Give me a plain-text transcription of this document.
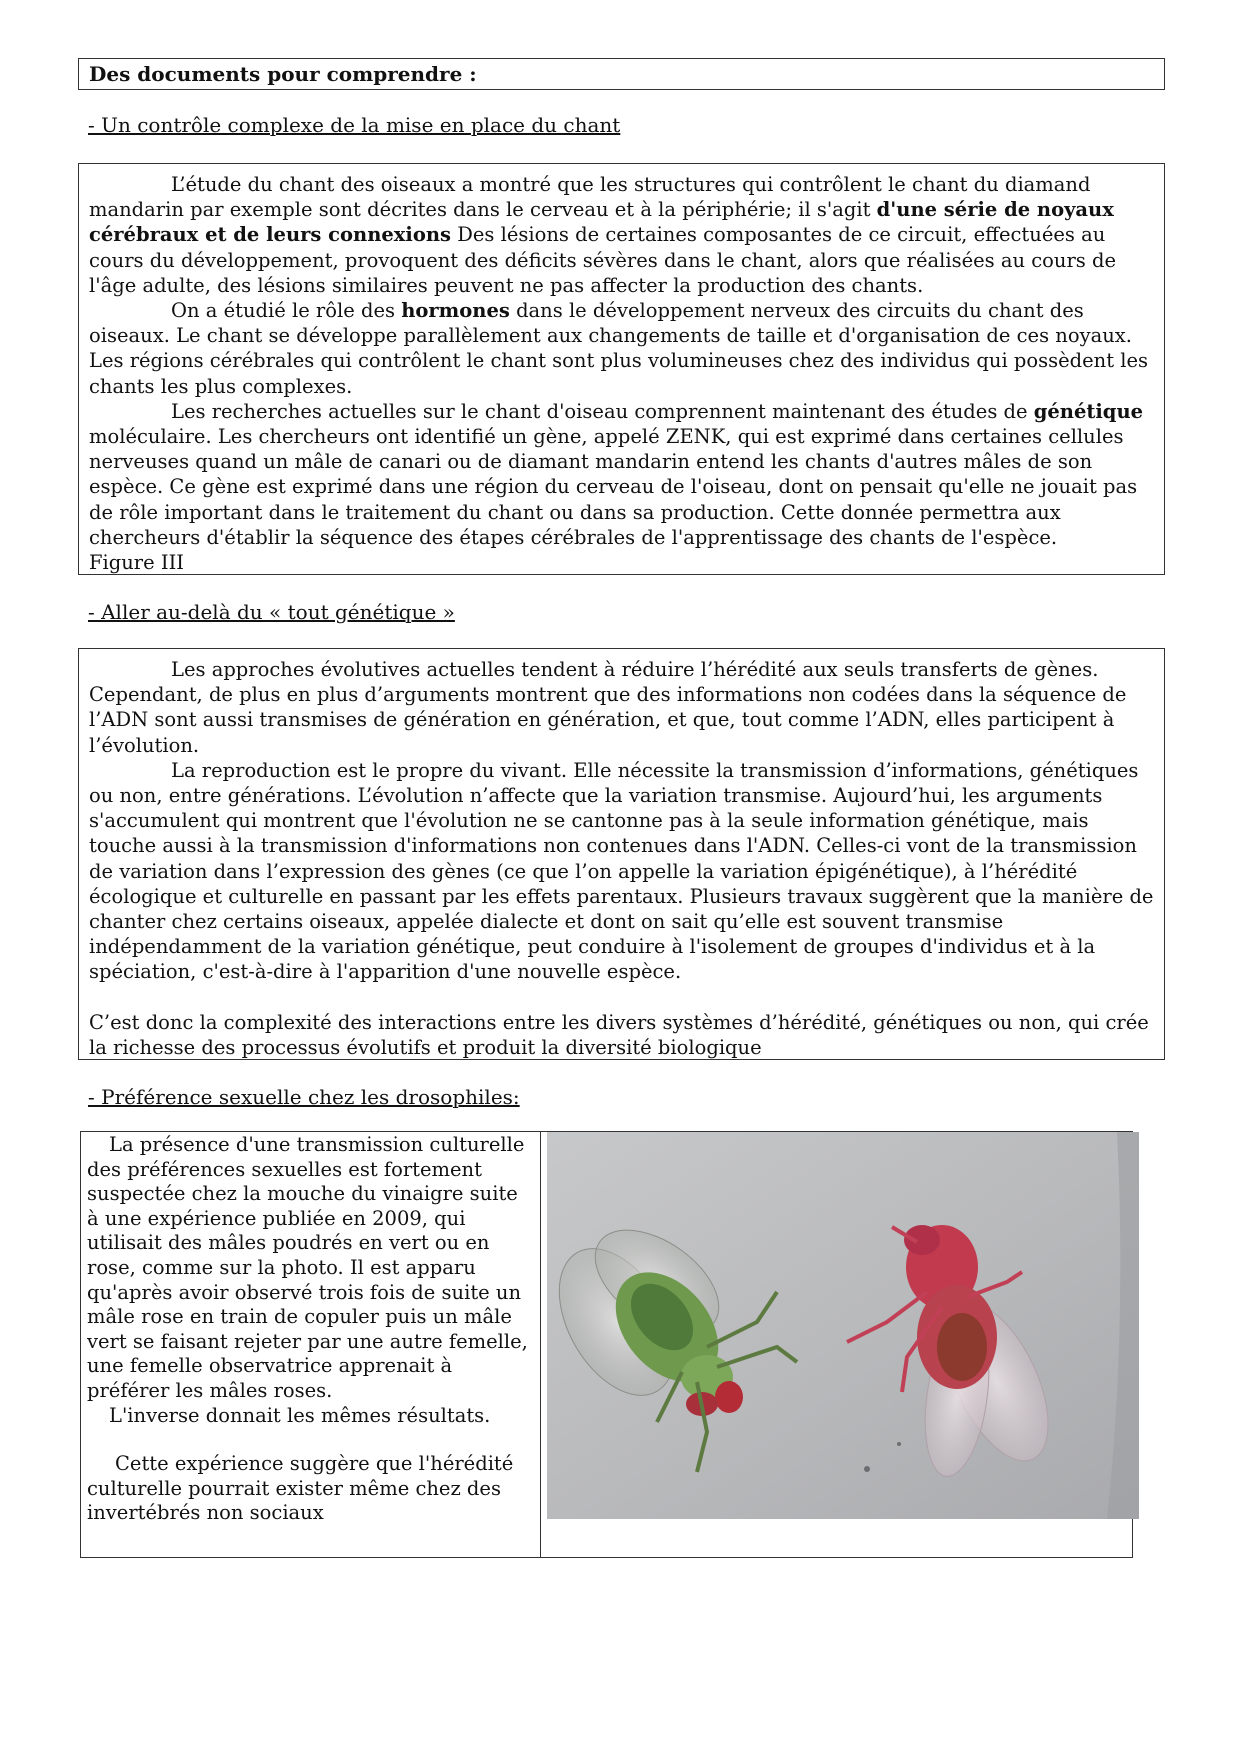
Des documents pour comprendre :
- Un contrôle complexe de la mise en place du chant

L’étude du chant des oiseaux a montré que les structures qui contrôlent le chant du diamand mandarin par exemple sont décrites dans le cerveau et à la périphérie; il s'agit d'une série de noyaux cérébraux et de leurs connexions Des lésions de certaines composantes de ce circuit, effectuées au cours du développement, provoquent des déficits sévères dans le chant, alors que réalisées au cours de l'âge adulte, des lésions similaires peuvent ne pas affecter la production des chants.

On a étudié le rôle des hormones dans le développement nerveux des circuits du chant des oiseaux. Le chant se développe parallèlement aux changements de taille et d'organisation de ces noyaux. Les régions cérébrales qui contrôlent le chant sont plus volumineuses chez des individus qui possèdent les chants les plus complexes.

Les recherches actuelles sur le chant d'oiseau comprennent maintenant des études de génétique moléculaire. Les chercheurs ont identifié un gène, appelé ZENK, qui est exprimé dans certaines cellules nerveuses quand un mâle de canari ou de diamant mandarin entend les chants d'autres mâles de son espèce. Ce gène est exprimé dans une région du cerveau de l'oiseau, dont on pensait qu'elle ne jouait pas de rôle important dans le traitement du chant ou dans sa production. Cette donnée permettra aux chercheurs d'établir la séquence des étapes cérébrales de l'apprentissage des chants de l'espèce.

Figure III

- Aller au-delà du « tout génétique »

Les approches évolutives actuelles tendent à réduire l’hérédité aux seuls transferts de gènes. Cependant, de plus en plus d’arguments montrent que des informations non codées dans la séquence de l’ADN sont aussi transmises de génération en génération, et que, tout comme l’ADN, elles participent à l’évolution.

La reproduction est le propre du vivant. Elle nécessite la transmission d’informations, génétiques ou non, entre générations. L’évolution n’affecte que la variation transmise. Aujourd’hui, les arguments s'accumulent qui montrent que l'évolution ne se cantonne pas à la seule information génétique, mais touche aussi à la transmission d'informations non contenues dans l'ADN. Celles-ci vont de la transmission de variation dans l’expression des gènes (ce que l’on appelle la variation épigénétique), à l’hérédité écologique et culturelle en passant par les effets parentaux. Plusieurs travaux suggèrent que la manière de chanter chez certains oiseaux, appelée dialecte et dont on sait qu’elle est souvent transmise indépendamment de la variation génétique, peut conduire à l'isolement de groupes d'individus et à la spéciation, c'est-à-dire à l'apparition d'une nouvelle espèce.

C’est donc la complexité des interactions entre les divers systèmes d’hérédité, génétiques ou non, qui crée la richesse des processus évolutifs et produit la diversité biologique

- Préférence sexuelle chez les drosophiles:

La présence d'une transmission culturelle des préférences sexuelles est fortement suspectée chez la mouche du vinaigre suite à une expérience publiée en 2009, qui utilisait des mâles poudrés en vert ou en rose, comme sur la photo. Il est apparu qu'après avoir observé trois fois de suite un mâle rose en train de copuler puis un mâle vert se faisant rejeter par une autre femelle, une femelle observatrice apprenait à préférer les mâles roses.

L'inverse donnait les mêmes résultats.

Cette expérience suggère que l'hérédité culturelle pourrait exister même chez des invertébrés non sociaux
